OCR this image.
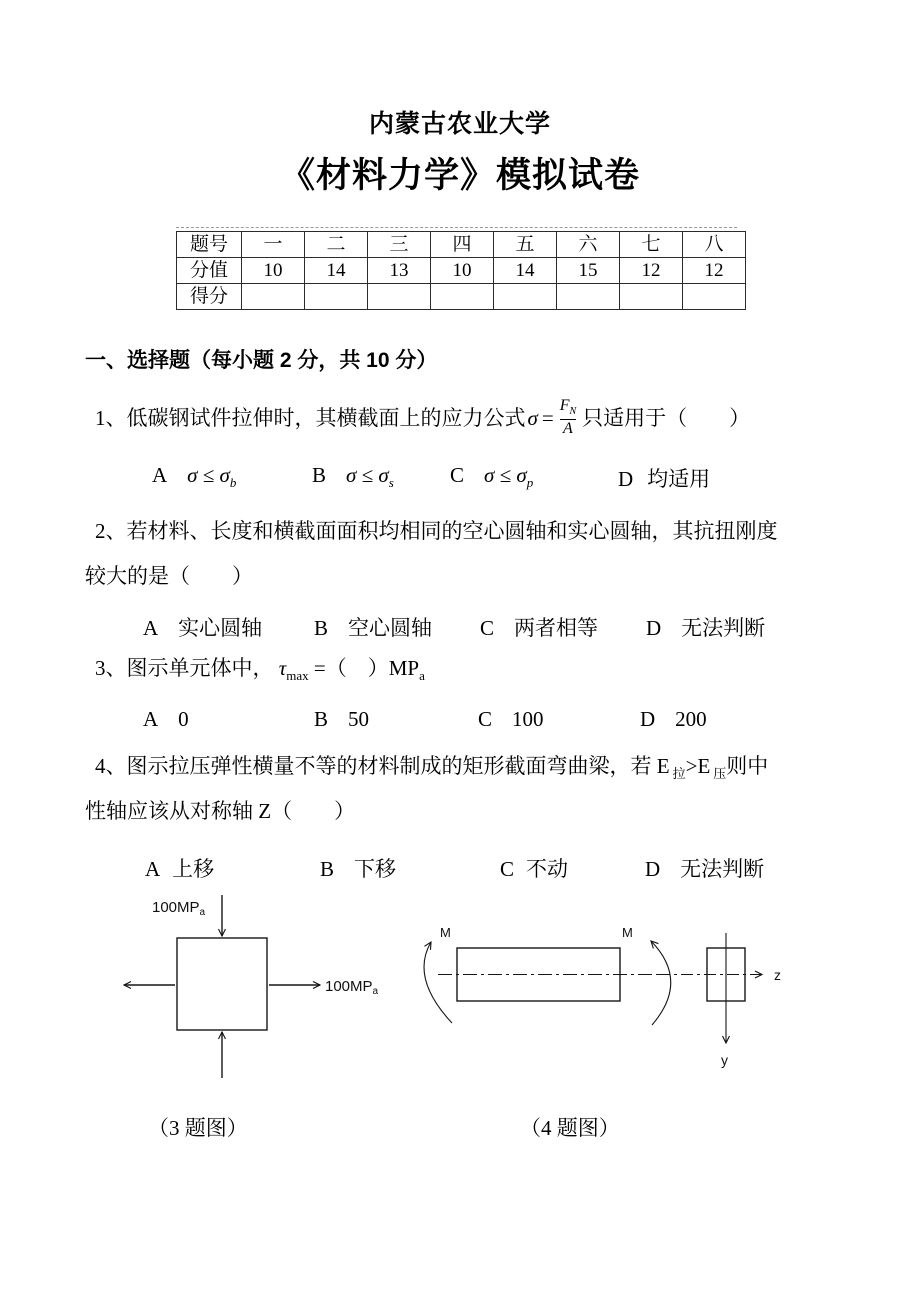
内蒙古农业大学
《材料力学》模拟试卷
题号	一	二	三	四	五	六	七	八
分值	10	14	13	10	14	15	12	12
得分								
一、选择题（每小题 2 分，共 10 分）
1、低碳钢试件拉伸时，其横截面上的应力公式 $\sigma = \frac{F_N}{A}$ 只适用于（　　）
A $\sigma \le \sigma_b$	B $\sigma \le \sigma_s$	C $\sigma \le \sigma_p$	D 均适用
2、若材料、长度和横截面面积均相同的空心圆轴和实心圆轴，其抗扭刚度
较大的是（　　）
A 实心圆轴 B 空心圆轴 C 两者相等 D 无法判断
3、图示单元体中， $\tau_{max}$ =（　）$MP_a$
A 0	B 50	C 100	D 200
4、图示拉压弹性横量不等的材料制成的矩形截面弯曲梁，若 E $_拉$>E $_压$则中
性轴应该从对称轴 Z（　　）
A 上移	B 下移	C 不动	D 无法判断
$100MP_a$
$100MP_a$
M	M
z
y
（3 题图）	（4 题图）
